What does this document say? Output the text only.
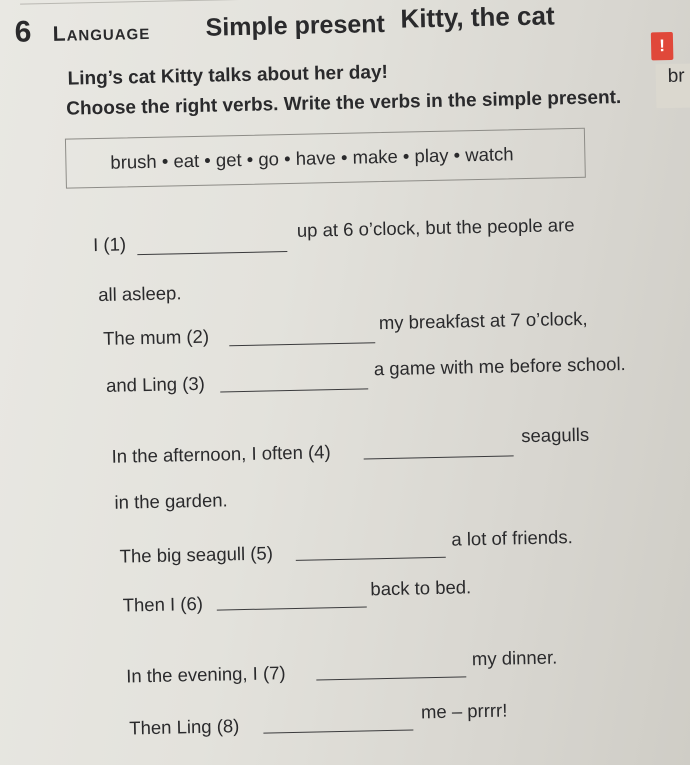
6 Language Simple present Kitty, the cat
!
br
Ling’s cat Kitty talks about her day!
Choose the right verbs. Write the verbs in the simple present.
brush • eat • get • go • have • make • play • watch
I (1)
up at 6 o’clock, but the people are
all asleep.
The mum (2)
my breakfast at 7 o’clock,
and Ling (3)
a game with me before school.
In the afternoon, I often (4)
seagulls
in the garden.
The big seagull (5)
a lot of friends.
Then I (6)
back to bed.
In the evening, I (7)
my dinner.
Then Ling (8)
me – prrrr!
